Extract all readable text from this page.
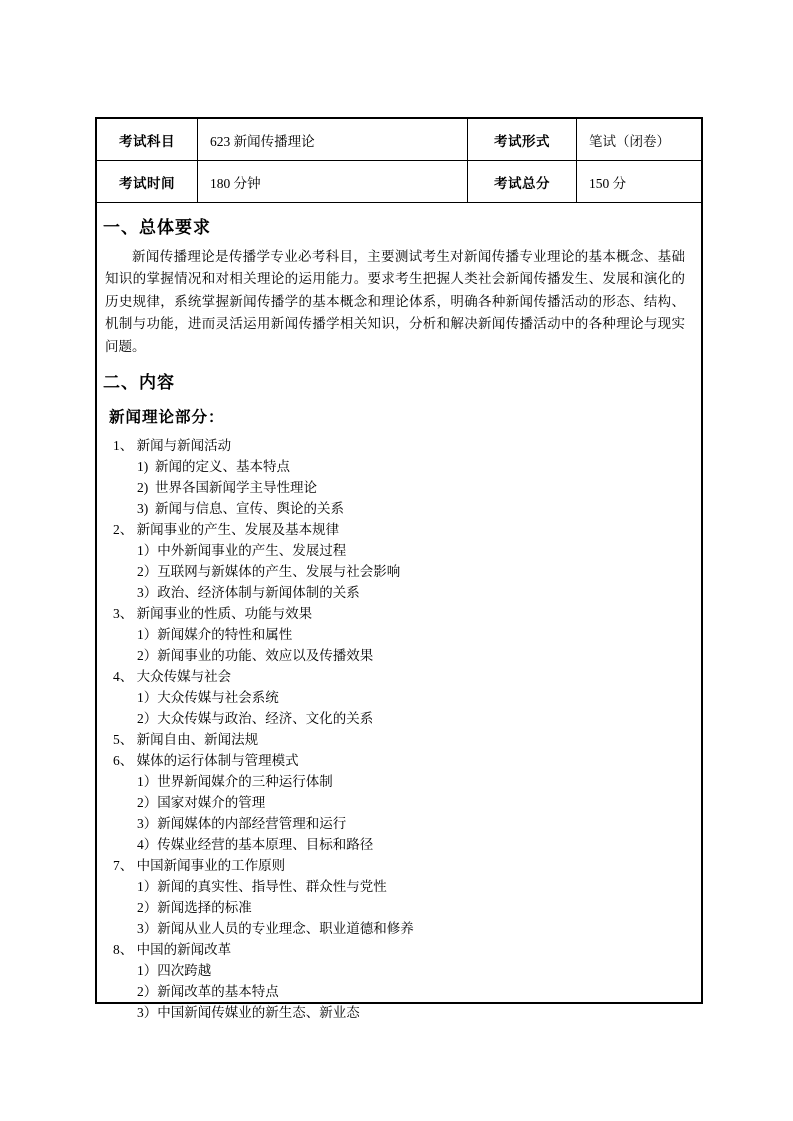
考试科目	623 新闻传播理论	考试形式	笔试（闭卷）
考试时间	180 分钟	考试总分	150 分
一、总体要求

新闻传播理论是传播学专业必考科目，主要测试考生对新闻传播专业理论的基本概念、基础知识的掌握情况和对相关理论的运用能力。要求考生把握人类社会新闻传播发生、发展和演化的历史规律，系统掌握新闻传播学的基本概念和理论体系，明确各种新闻传播活动的形态、结构、机制与功能，进而灵活运用新闻传播学相关知识，分析和解决新闻传播活动中的各种理论与现实问题。

二、内容
新闻理论部分：
1、 新闻与新闻活动
1) 新闻的定义、基本特点
2) 世界各国新闻学主导性理论
3) 新闻与信息、宣传、舆论的关系
2、 新闻事业的产生、发展及基本规律
1）中外新闻事业的产生、发展过程
2）互联网与新媒体的产生、发展与社会影响
3）政治、经济体制与新闻体制的关系
3、 新闻事业的性质、功能与效果
1）新闻媒介的特性和属性
2）新闻事业的功能、效应以及传播效果
4、 大众传媒与社会
1）大众传媒与社会系统
2）大众传媒与政治、经济、文化的关系
5、 新闻自由、新闻法规
6、 媒体的运行体制与管理模式
1）世界新闻媒介的三种运行体制
2）国家对媒介的管理
3）新闻媒体的内部经营管理和运行
4）传媒业经营的基本原理、目标和路径
7、 中国新闻事业的工作原则
1）新闻的真实性、指导性、群众性与党性
2）新闻选择的标准
3）新闻从业人员的专业理念、职业道德和修养
8、 中国的新闻改革
1）四次跨越
2）新闻改革的基本特点
3）中国新闻传媒业的新生态、新业态
